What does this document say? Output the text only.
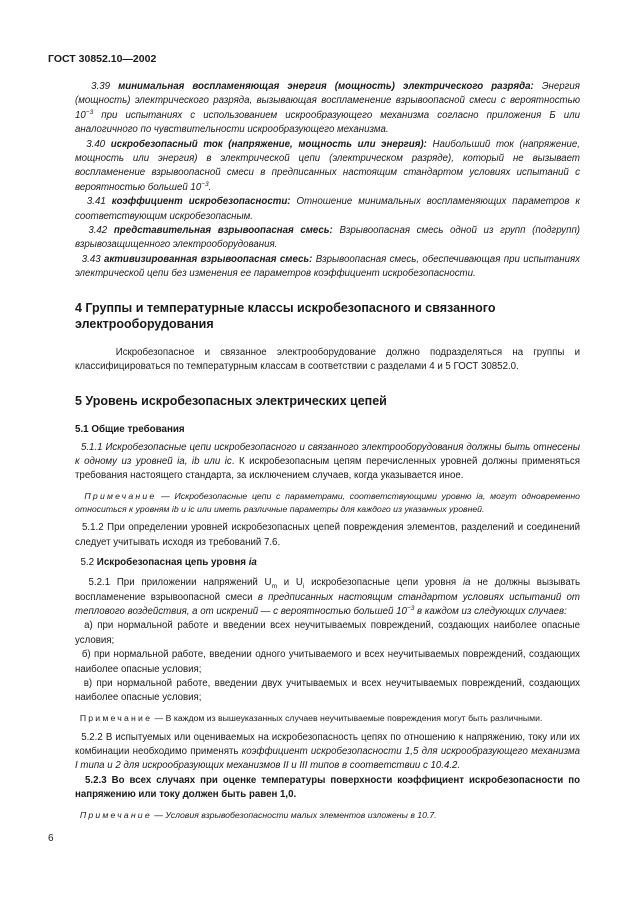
ГОСТ 30852.10—2002

3.39 минимальная воспламеняющая энергия (мощность) электрического разряда: Энергия (мощность) электрического разряда, вызывающая воспламенение взрывоопасной смеси с вероятностью $10^{-3}$ при испытаниях с использованием искрообразующего механизма согласно приложения Б или аналогичного по чувствительности искрообразующего механизма.

3.40 искробезопасный ток (напряжение, мощность или энергия): Наибольший ток (напряжение, мощность или энергия) в электрической цепи (электрическом разряде), который не вызывает воспламенение взрывоопасной смеси в предписанных настоящим стандартом условиях испытаний с вероятностью большей $10^{-3}$.

3.41 коэффициент искробезопасности: Отношение минимальных воспламеняющих параметров к соответствующим искробезопасным.

3.42 представительная взрывоопасная смесь: Взрывоопасная смесь одной из групп (подгрупп) взрывозащищенного электрооборудования.

3.43 активизированная взрывоопасная смесь: Взрывоопасная смесь, обеспечивающая при испытаниях электрической цепи без изменения ее параметров коэффициент искробезопасности.

4 Группы и температурные классы искробезопасного и связанного электрооборудования

Искробезопасное и связанное электрооборудование должно подразделяться на группы и классифицироваться по температурным классам в соответствии с разделами 4 и 5 ГОСТ 30852.0.

5 Уровень искробезопасных электрических цепей
5.1 Общие требования

5.1.1 Искробезопасные цепи искробезопасного и связанного электрооборудования должны быть отнесены к одному из уровней ia, ib или ic. К искробезопасным цепям перечисленных уровней должны применяться требования настоящего стандарта, за исключением случаев, когда указывается иное.

Примечание — Искробезопасные цепи с параметрами, соответствующими уровню ia, могут одновременно относиться к уровням ib и ic или иметь различные параметры для каждого из указанных уровней.

5.1.2 При определении уровней искробезопасных цепей повреждения элементов, разделений и соединений следует учитывать исходя из требований 7.6.

5.2 Искробезопасная цепь уровня ia

5.2.1 При приложении напряжений $U_m$ и $U_i$ искробезопасные цепи уровня ia не должны вызывать воспламенение взрывоопасной смеси в предписанных настоящим стандартом условиях испытаний от теплового воздействия, а от искрений — с вероятностью большей $10^{-3}$ в каждом из следующих случаев:

а) при нормальной работе и введении всех неучитываемых повреждений, создающих наиболее опасные условия;

б) при нормальной работе, введении одного учитываемого и всех неучитываемых повреждений, создающих наиболее опасные условия;

в) при нормальной работе, введении двух учитываемых и всех неучитываемых повреждений, создающих наиболее опасные условия;

Примечание — В каждом из вышеуказанных случаев неучитываемые повреждения могут быть различными.

5.2.2 В испытуемых или оцениваемых на искробезопасность цепях по отношению к напряжению, току или их комбинации необходимо применять коэффициент искробезопасности 1,5 для искрообразующего механизма I типа и 2 для искрообразующих механизмов II и III типов в соответствии с 10.4.2.

5.2.3 Во всех случаях при оценке температуры поверхности коэффициент искробезопасности по напряжению или току должен быть равен 1,0.

Примечание — Условия взрывобезопасности малых элементов изложены в 10.7.

6
